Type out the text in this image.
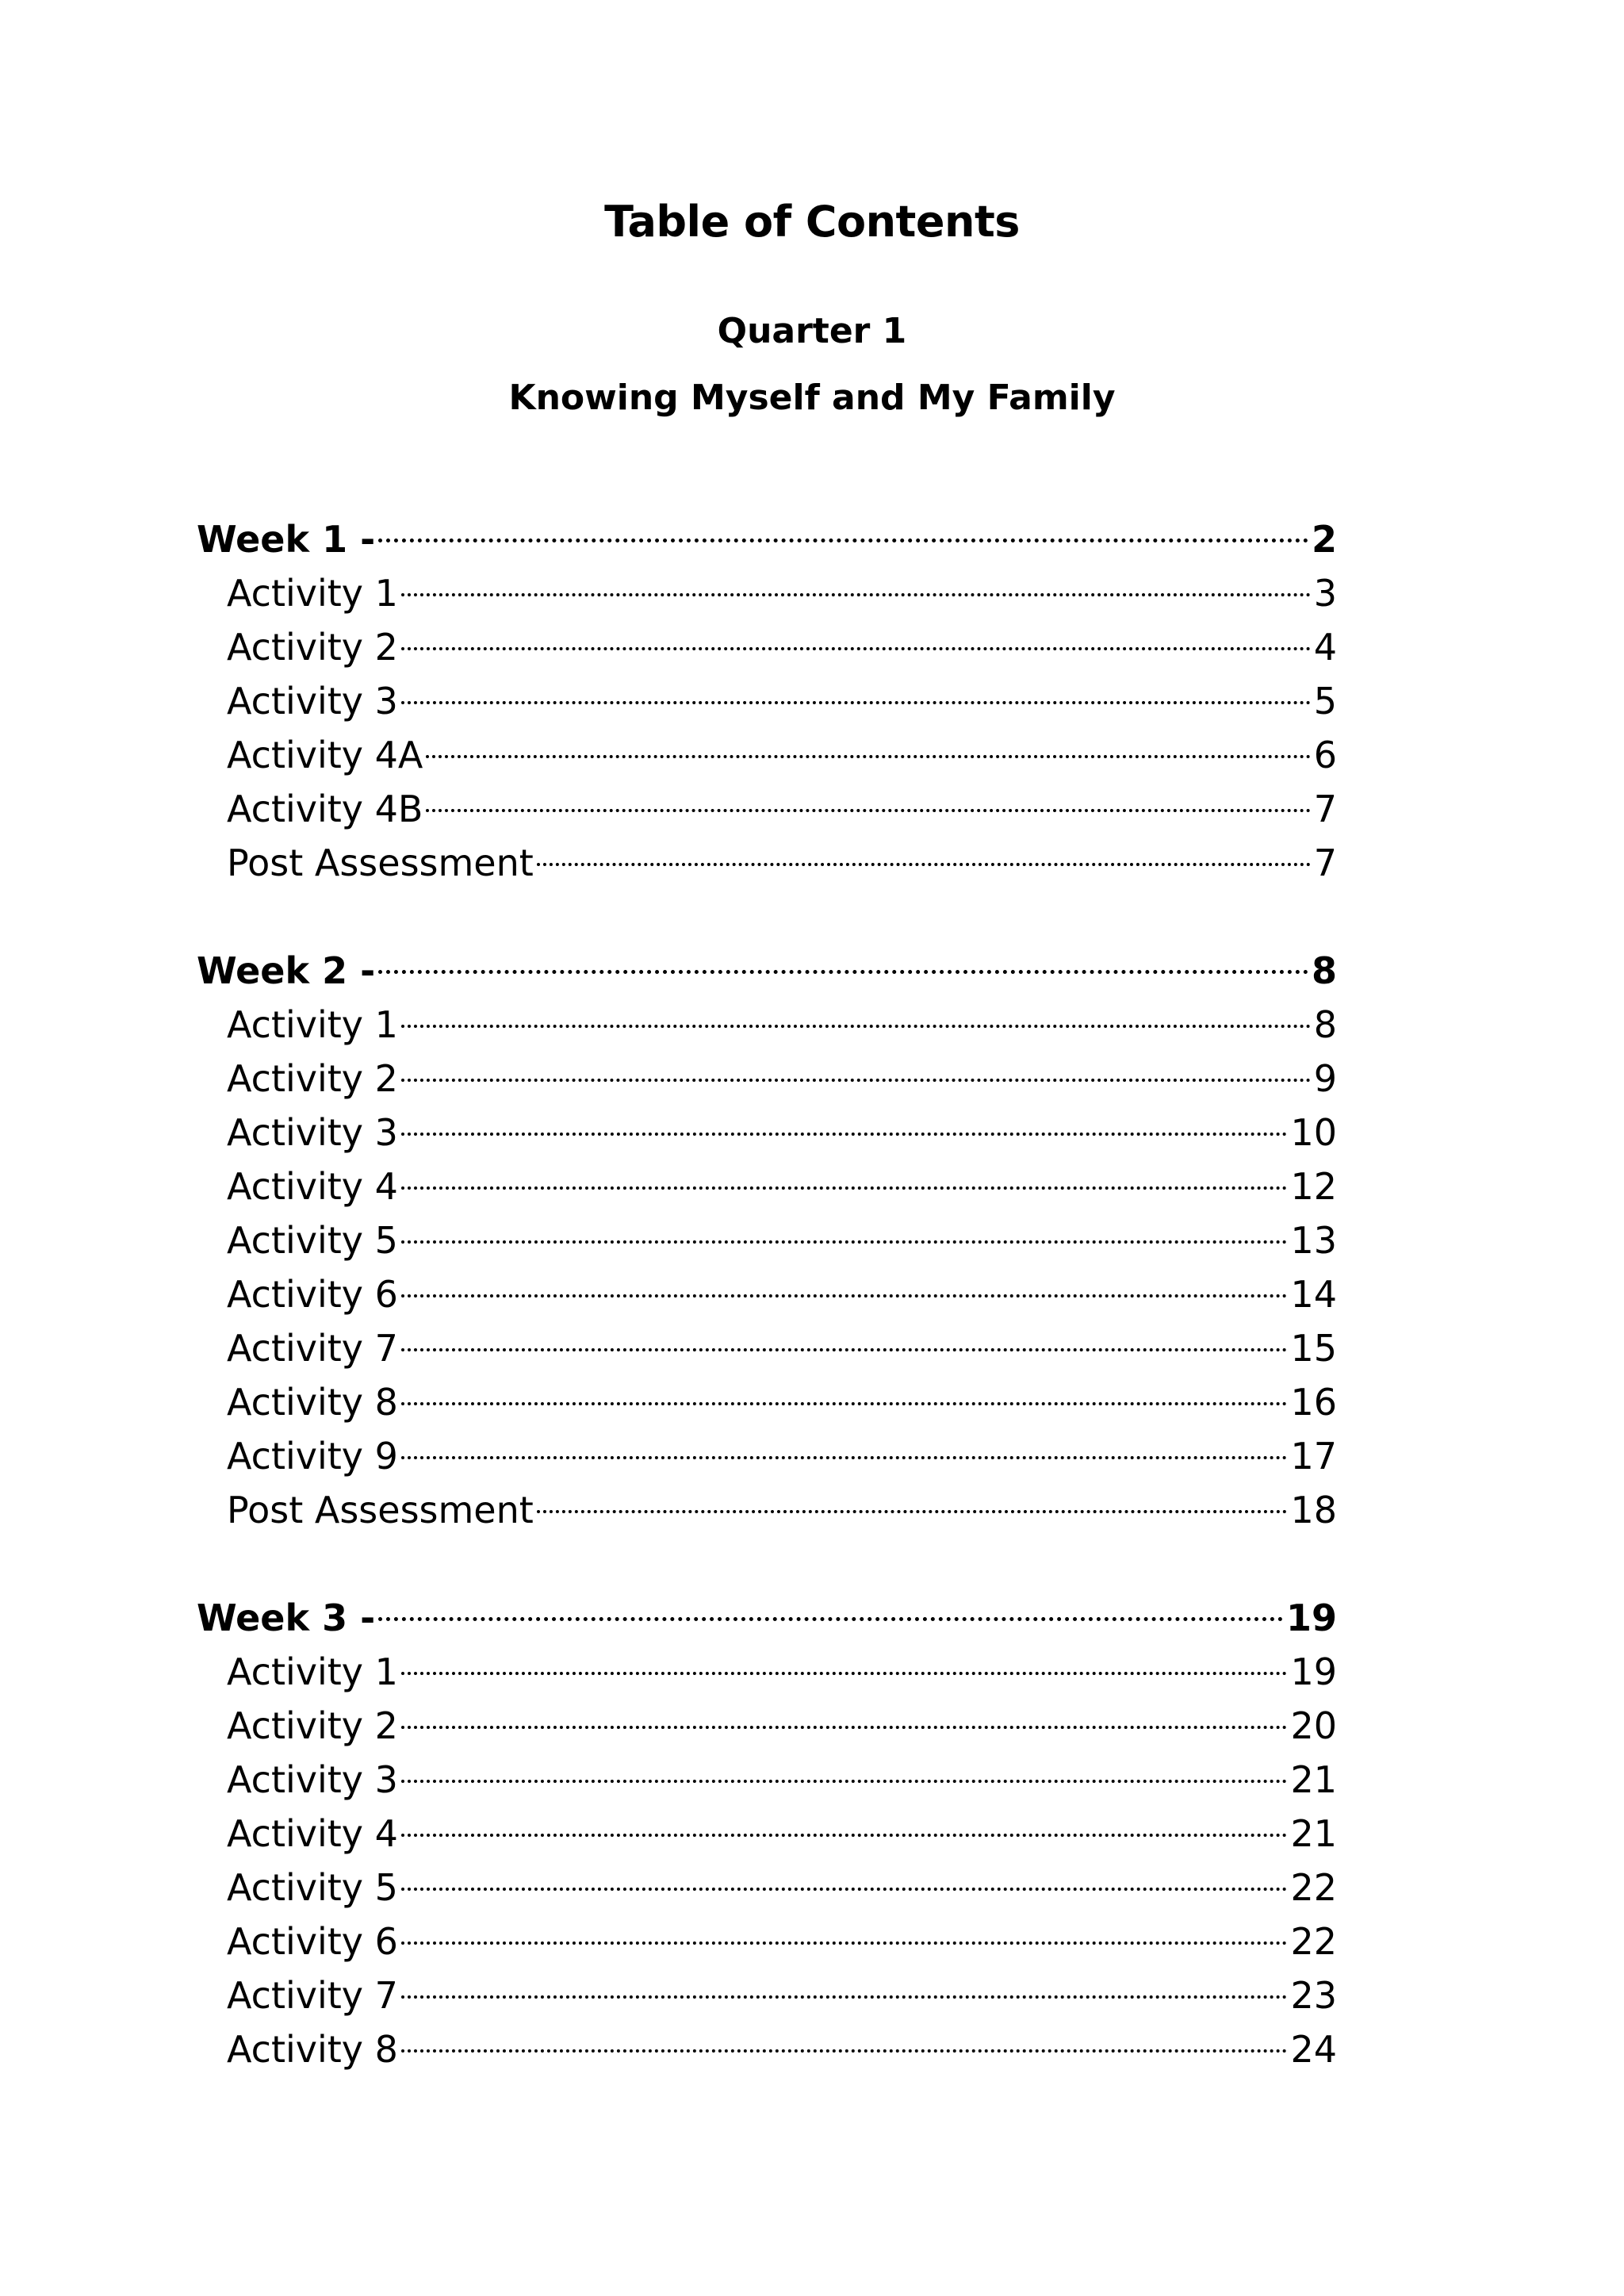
Table of Contents
Quarter 1
Knowing Myself and My Family
Week 1 -	2
Activity 1	3
Activity 2	4
Activity 3	5
Activity 4A	6
Activity 4B	7
Post Assessment	7
Week 2 -	8
Activity 1	8
Activity 2	9
Activity 3	10
Activity 4	12
Activity 5	13
Activity 6	14
Activity 7	15
Activity 8	16
Activity 9	17
Post Assessment	18
Week 3 -	19
Activity 1	19
Activity 2	20
Activity 3	21
Activity 4	21
Activity 5	22
Activity 6	22
Activity 7	23
Activity 8	24
